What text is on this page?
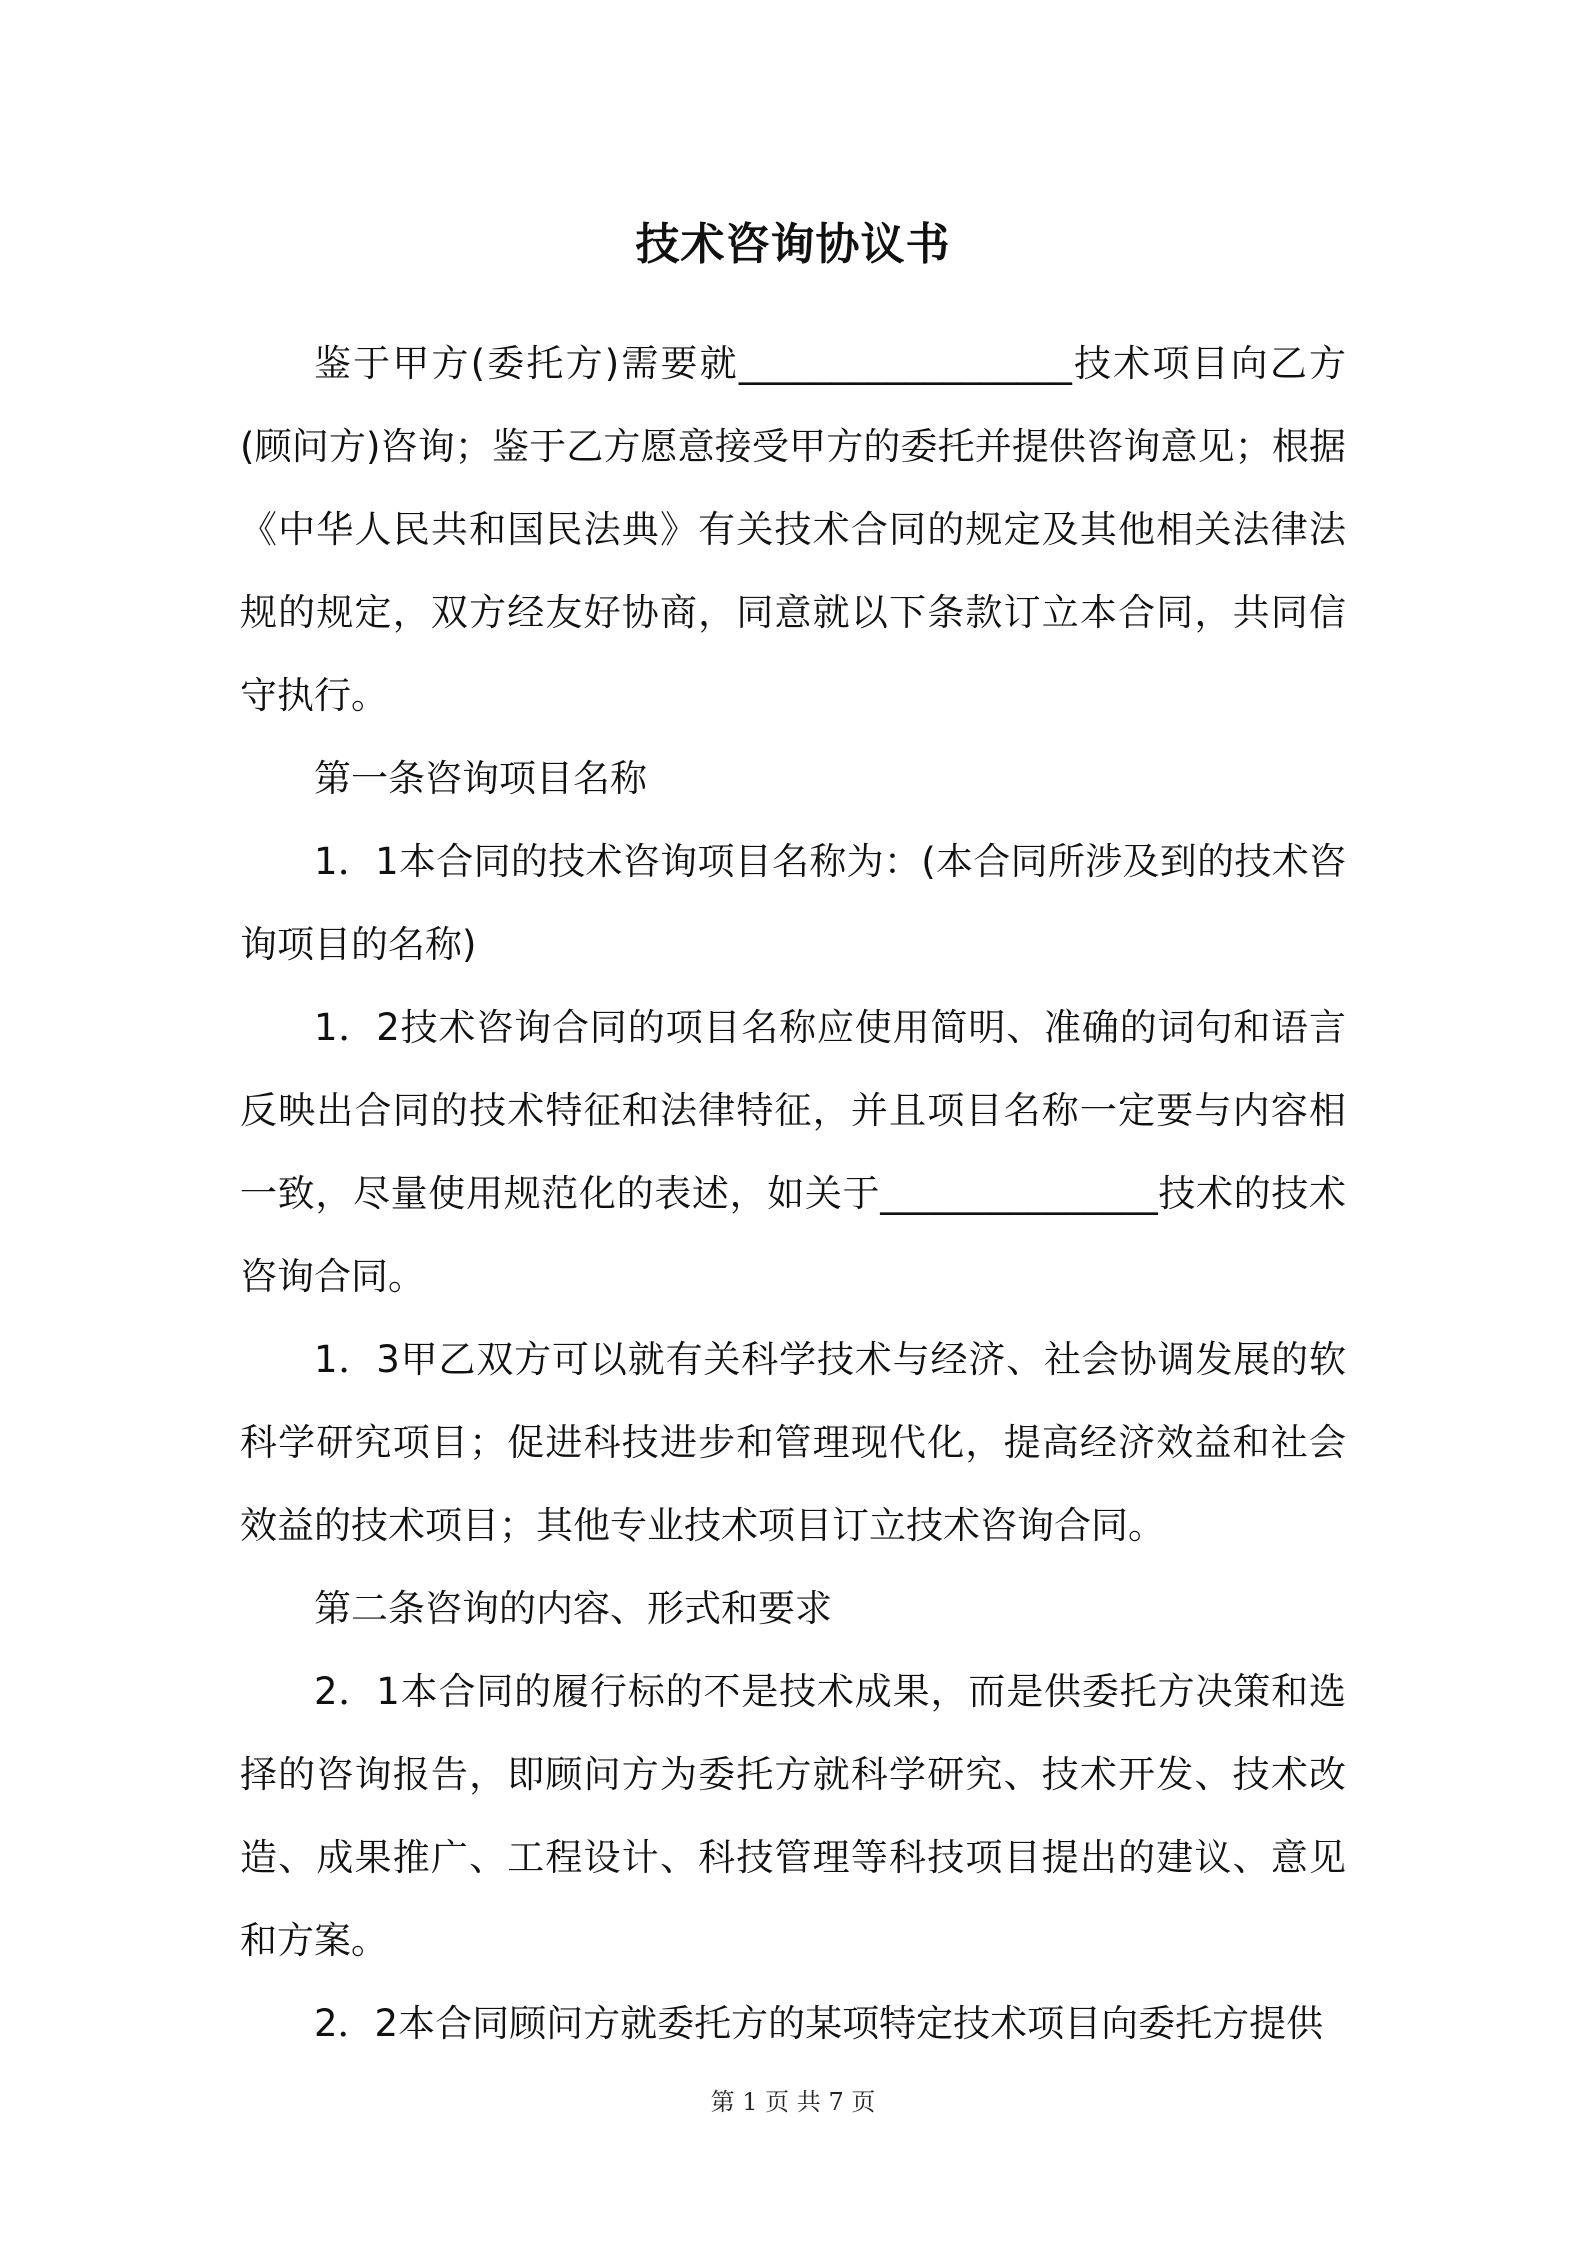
技术咨询协议书

鉴于甲方(委托方)需要就__________________技术项目向乙方(顾问方)咨询；鉴于乙方愿意接受甲方的委托并提供咨询意见；根据《中华人民共和国民法典》有关技术合同的规定及其他相关法律法规的规定，双方经友好协商，同意就以下条款订立本合同，共同信守执行。

第一条咨询项目名称

1．1本合同的技术咨询项目名称为：(本合同所涉及到的技术咨询项目的名称)

1．2技术咨询合同的项目名称应使用简明、准确的词句和语言反映出合同的技术特征和法律特征，并且项目名称一定要与内容相一致，尽量使用规范化的表述，如关于_______________技术的技术咨询合同。

1．3甲乙双方可以就有关科学技术与经济、社会协调发展的软科学研究项目；促进科技进步和管理现代化，提高经济效益和社会效益的技术项目；其他专业技术项目订立技术咨询合同。

第二条咨询的内容、形式和要求

2．1本合同的履行标的不是技术成果，而是供委托方决策和选择的咨询报告，即顾问方为委托方就科学研究、技术开发、技术改造、成果推广、工程设计、科技管理等科技项目提出的建议、意见和方案。

2．2本合同顾问方就委托方的某项特定技术项目向委托方提供

第 1 页 共 7 页
